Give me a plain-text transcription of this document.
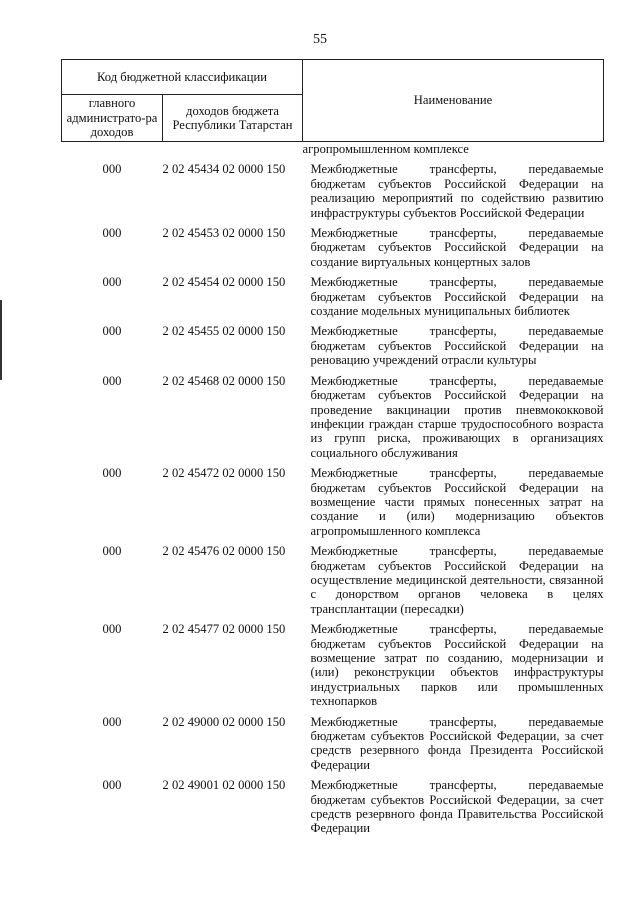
55
Код бюджетной классификации		Наименование
главного администрато-ра доходов	доходов бюджета Республики Татарстан	
		агропромышленном комплексе
000	2 02 45434 02 0000 150	Межбюджетные трансферты, передаваемые бюджетам субъектов Российской Федерации на реализацию мероприятий по содействию развитию инфраструктуры субъектов Российской Федерации

000	2 02 45453 02 0000 150	Межбюджетные трансферты, передаваемые бюджетам субъектов Российской Федерации на создание виртуальных концертных залов

000	2 02 45454 02 0000 150	Межбюджетные трансферты, передаваемые бюджетам субъектов Российской Федерации на создание модельных муниципальных библиотек

000	2 02 45455 02 0000 150	Межбюджетные трансферты, передаваемые бюджетам субъектов Российской Федерации на реновацию учреждений отрасли культуры

000	2 02 45468 02 0000 150	Межбюджетные трансферты, передаваемые бюджетам субъектов Российской Федерации на проведение вакцинации против пневмококковой инфекции граждан старше трудоспособного возраста из групп риска, проживающих в организациях социального обслуживания

000	2 02 45472 02 0000 150	Межбюджетные трансферты, передаваемые бюджетам субъектов Российской Федерации на возмещение части прямых понесенных затрат на создание и (или) модернизацию объектов агропромышленного комплекса

000	2 02 45476 02 0000 150	Межбюджетные трансферты, передаваемые бюджетам субъектов Российской Федерации на осуществление медицинской деятельности, связанной с донорством органов человека в целях трансплантации (пересадки)

000	2 02 45477 02 0000 150	Межбюджетные трансферты, передаваемые бюджетам субъектов Российской Федерации на возмещение затрат по созданию, модернизации и (или) реконструкции объектов инфраструктуры индустриальных парков или промышленных технопарков

000	2 02 49000 02 0000 150	Межбюджетные трансферты, передаваемые бюджетам субъектов Российской Федерации, за счет средств резервного фонда Президента Российской Федерации

000	2 02 49001 02 0000 150	Межбюджетные трансферты, передаваемые бюджетам субъектов Российской Федерации, за счет средств резервного фонда Правительства Российской Федерации
